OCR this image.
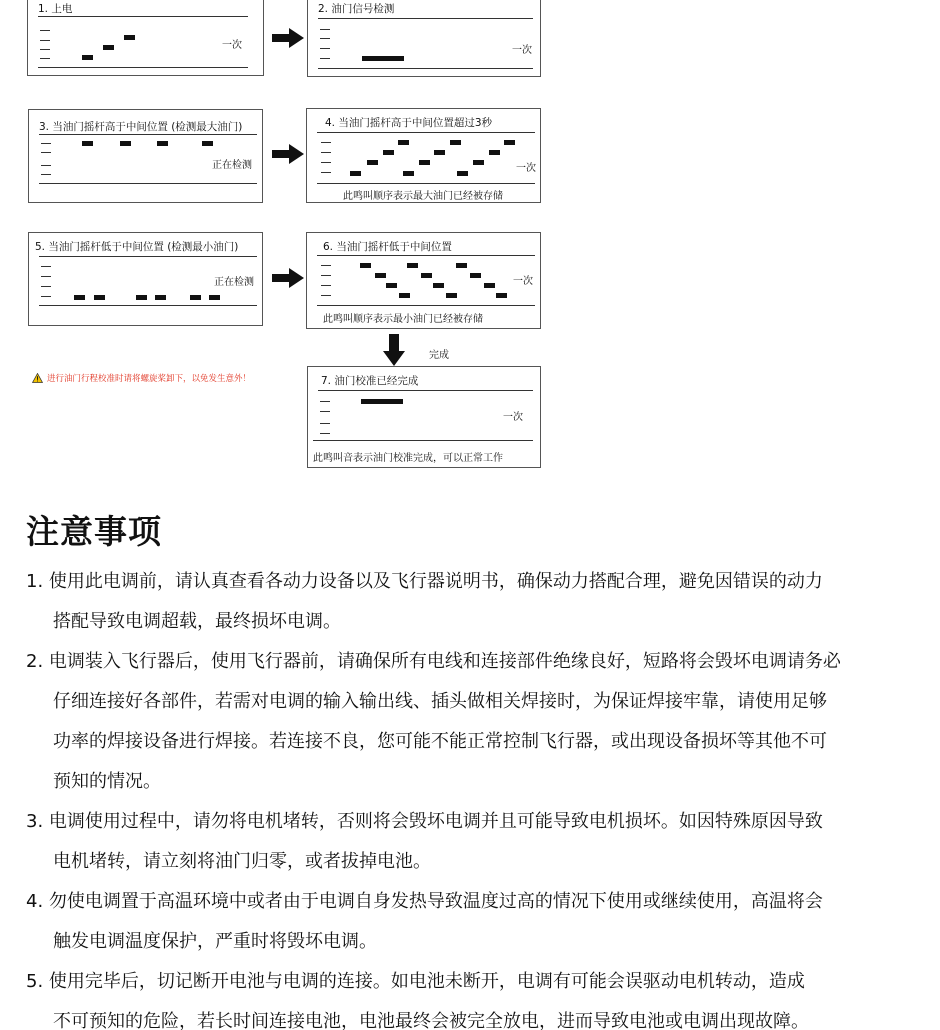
1. 上电
一次
2. 油门信号检测
一次
3. 当油门摇杆高于中间位置 (检测最大油门)
正在检测
4. 当油门摇杆高于中间位置超过3秒
一次
此鸣叫顺序表示最大油门已经被存储
5. 当油门摇杆低于中间位置 (检测最小油门)
正在检测
6. 当油门摇杆低于中间位置
一次
此鸣叫顺序表示最小油门已经被存储
完成
进行油门行程校准时请将螺旋桨卸下，以免发生意外！	7. 油门校准已经完成
一次
此鸣叫音表示油门校准完成，可以正常工作
注意事项
1. 使用此电调前，请认真查看各动力设备以及飞行器说明书，确保动力搭配合理，避免因错误的动力
搭配导致电调超载，最终损坏电调。
2. 电调装入飞行器后，使用飞行器前，请确保所有电线和连接部件绝缘良好，短路将会毁坏电调请务必
仔细连接好各部件，若需对电调的输入输出线、插头做相关焊接时，为保证焊接牢靠，请使用足够
功率的焊接设备进行焊接。若连接不良，您可能不能正常控制飞行器，或出现设备损坏等其他不可
预知的情况。
3. 电调使用过程中，请勿将电机堵转，否则将会毁坏电调并且可能导致电机损坏。如因特殊原因导致
电机堵转，请立刻将油门归零，或者拔掉电池。
4. 勿使电调置于高温环境中或者由于电调自身发热导致温度过高的情况下使用或继续使用，高温将会
触发电调温度保护，严重时将毁坏电调。
5. 使用完毕后，切记断开电池与电调的连接。如电池未断开，电调有可能会误驱动电机转动，造成
不可预知的危险，若长时间连接电池，电池最终会被完全放电，进而导致电池或电调出现故障。
